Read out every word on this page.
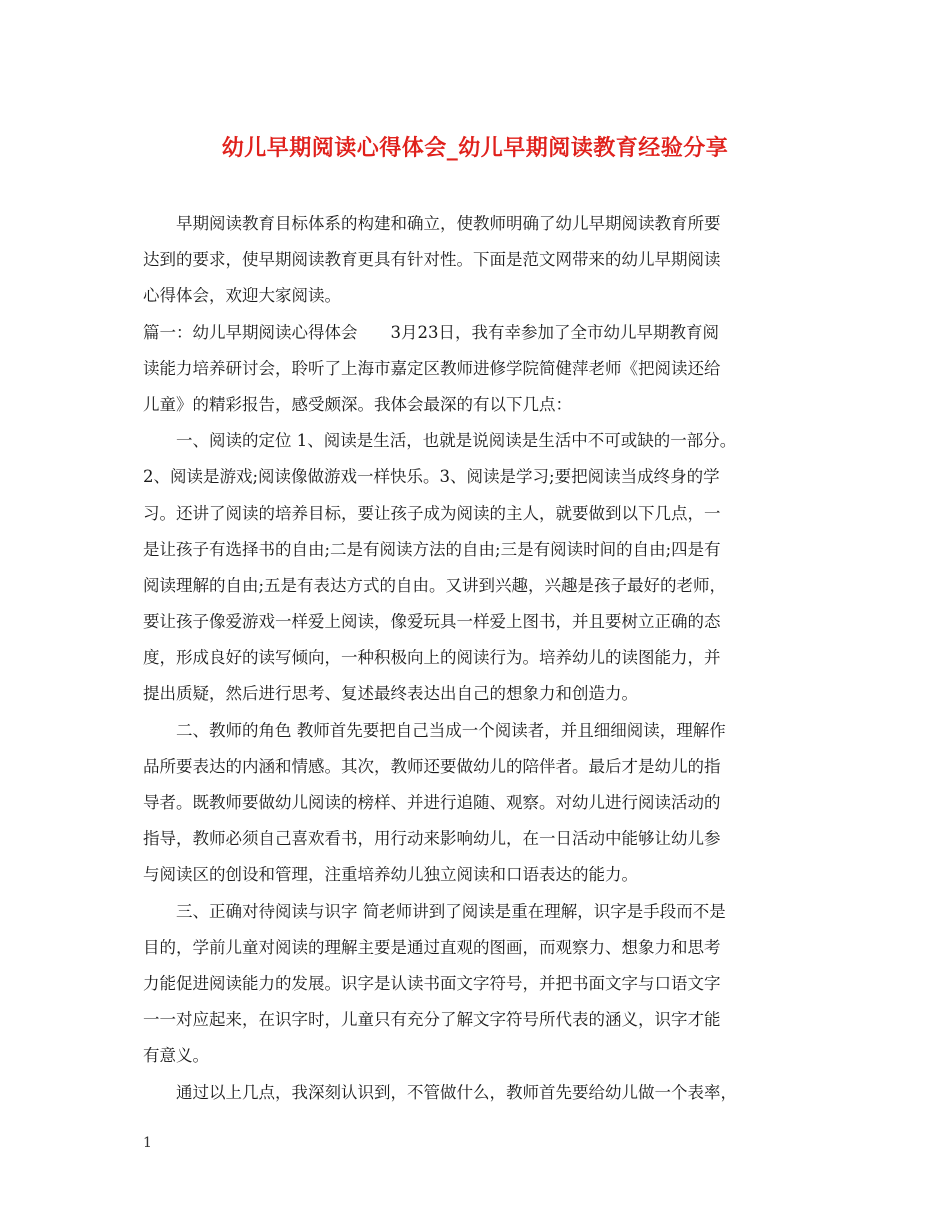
幼儿早期阅读心得体会_幼儿早期阅读教育经验分享
　　早期阅读教育目标体系的构建和确立，使教师明确了幼儿早期阅读教育所要
达到的要求，使早期阅读教育更具有针对性。下面是范文网带来的幼儿早期阅读
心得体会，欢迎大家阅读。
篇一：幼儿早期阅读心得体会　　3月23日，我有幸参加了全市幼儿早期教育阅
读能力培养研讨会，聆听了上海市嘉定区教师进修学院简健萍老师《把阅读还给
儿童》的精彩报告，感受颇深。我体会最深的有以下几点：
　　一、阅读的定位 1、阅读是生活，也就是说阅读是生活中不可或缺的一部分。
2、阅读是游戏;阅读像做游戏一样快乐。3、阅读是学习;要把阅读当成终身的学
习。还讲了阅读的培养目标，要让孩子成为阅读的主人，就要做到以下几点，一
是让孩子有选择书的自由;二是有阅读方法的自由;三是有阅读时间的自由;四是有
阅读理解的自由;五是有表达方式的自由。又讲到兴趣，兴趣是孩子最好的老师，
要让孩子像爱游戏一样爱上阅读，像爱玩具一样爱上图书，并且要树立正确的态
度，形成良好的读写倾向，一种积极向上的阅读行为。培养幼儿的读图能力，并
提出质疑，然后进行思考、复述最终表达出自己的想象力和创造力。
　　二、教师的角色 教师首先要把自己当成一个阅读者，并且细细阅读，理解作
品所要表达的内涵和情感。其次，教师还要做幼儿的陪伴者。最后才是幼儿的指
导者。既教师要做幼儿阅读的榜样、并进行追随、观察。对幼儿进行阅读活动的
指导，教师必须自己喜欢看书，用行动来影响幼儿，在一日活动中能够让幼儿参
与阅读区的创设和管理，注重培养幼儿独立阅读和口语表达的能力。
　　三、正确对待阅读与识字 简老师讲到了阅读是重在理解，识字是手段而不是
目的，学前儿童对阅读的理解主要是通过直观的图画，而观察力、想象力和思考
力能促进阅读能力的发展。识字是认读书面文字符号，并把书面文字与口语文字
一一对应起来，在识字时，儿童只有充分了解文字符号所代表的涵义，识字才能
有意义。
　　通过以上几点，我深刻认识到，不管做什么，教师首先要给幼儿做一个表率，
1
